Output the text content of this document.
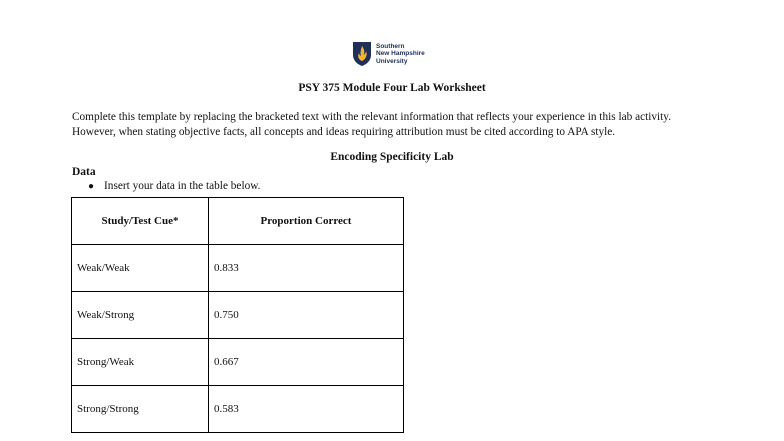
Southern
New Hampshire
University
PSY 375 Module Four Lab Worksheet
Complete this template by replacing the bracketed text with the relevant information that reflects your experience in this lab activity.
However, when stating objective facts, all concepts and ideas requiring attribution must be cited according to APA style.
Encoding Specificity Lab
Data
● Insert your data in the table below.
Study/Test Cue*	Proportion Correct
Weak/Weak	0.833
Weak/Strong	0.750
Strong/Weak	0.667
Strong/Strong	0.583
